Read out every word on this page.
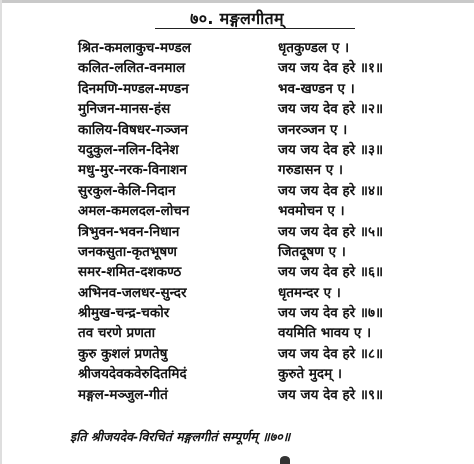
७०. मङ्गलगीतम्
श्रित-कमलाकुच-मण्डल	धृतकुण्डल ए ।
कलित-ललित-वनमाल	जय जय देव हरे ॥१॥
दिनमणि-मण्डल-मण्डन	भव-खण्डन ए ।
मुनिजन-मानस-हंस	जय जय देव हरे ॥२॥
कालिय-विषधर-गञ्जन	जनरञ्जन ए ।
यदुकुल-नलिन-दिनेश	जय जय देव हरे ॥३॥
मधु-मुर-नरक-विनाशन	गरुडासन ए ।
सुरकुल-केलि-निदान	जय जय देव हरे ॥४॥
अमल-कमलदल-लोचन	भवमोचन ए ।
त्रिभुवन-भवन-निधान	जय जय देव हरे ॥५॥
जनकसुता-कृतभूषण	जितदूषण ए ।
समर-शमित-दशकण्ठ	जय जय देव हरे ॥६॥
अभिनव-जलधर-सुन्दर	धृतमन्दर ए ।
श्रीमुख-चन्द्र-चकोर	जय जय देव हरे ॥७॥
तव चरणे प्रणता	वयमिति भावय ए ।
कुरु कुशलं प्रणतेषु	जय जय देव हरे ॥८॥
श्रीजयदेवकवेरुदितमिदं	कुरुते मुदम् ।
मङ्गल-मञ्जुल-गीतं	जय जय देव हरे ॥९॥
इति श्रीजयदेव-विरचितं मङ्गलगीतं सम्पूर्णम् ॥७०॥
